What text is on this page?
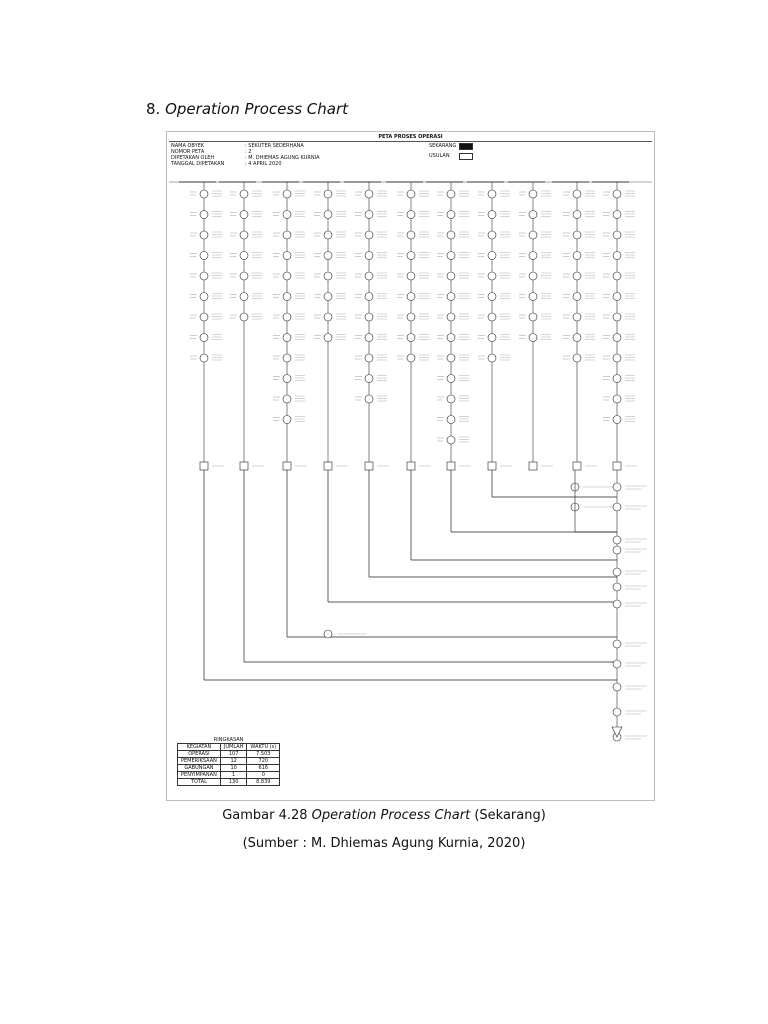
8. Operation Process Chart
PETA PROSES OPERASI
NAMA OBYEK	: SEKUTER SEDERHANA
NOMOR PETA	: 2
DIPETAKAN OLEH	: M. DHIEMAS AGUNG KURNIA
TANGGAL DIPETAKAN	: 4 APRIL 2020
SEKARANG
USULAN
RINGKASAN		
KEGIATAN	JUMLAH	WAKTU (s)
OPERASI	107	7.503
PEMERIKSAAN	12	720
GABUNGAN	10	616
PENYIMPANAN	1	0
TOTAL	130	8.839
Gambar 4.28 Operation Process Chart (Sekarang)
(Sumber : M. Dhiemas Agung Kurnia, 2020)
